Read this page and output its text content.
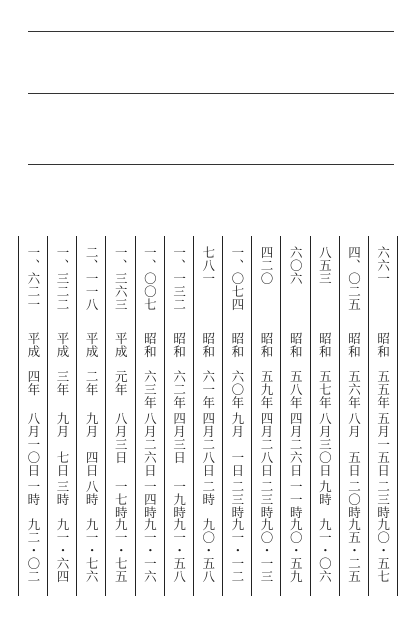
一、六二一
平成
四年
八月一〇日
一時
九二・〇二
一、三二二
平成
三年
九月　七日
三時
九一・六四
二、一一八
平成
二年
九月　四日
八時
九一・七六
一、三六三
平成
元年
八月三日
一七時
九一・七五
一、〇〇七
昭和
六三年
八月二六日
一四時
九一・一六
一、一三二
昭和
六二年
四月三日
一九時
九一・五八
七八一
昭和
六一年
四月二八日
二時
九〇・五八
一、〇七四
昭和
六〇年
九月　一日
二三時
九一・一二
四二〇
昭和
五九年
四月二八日
二三時
九〇・一三
六〇六
昭和
五八年
四月二六日
一一時
九〇・五九
八五三
昭和
五七年
八月三〇日
九時
九一・〇六
四、〇二五
昭和
五六年
八月　五日
二〇時
九五・二五
六六一
昭和
五五年
五月一五日
二三時
九〇・五七
